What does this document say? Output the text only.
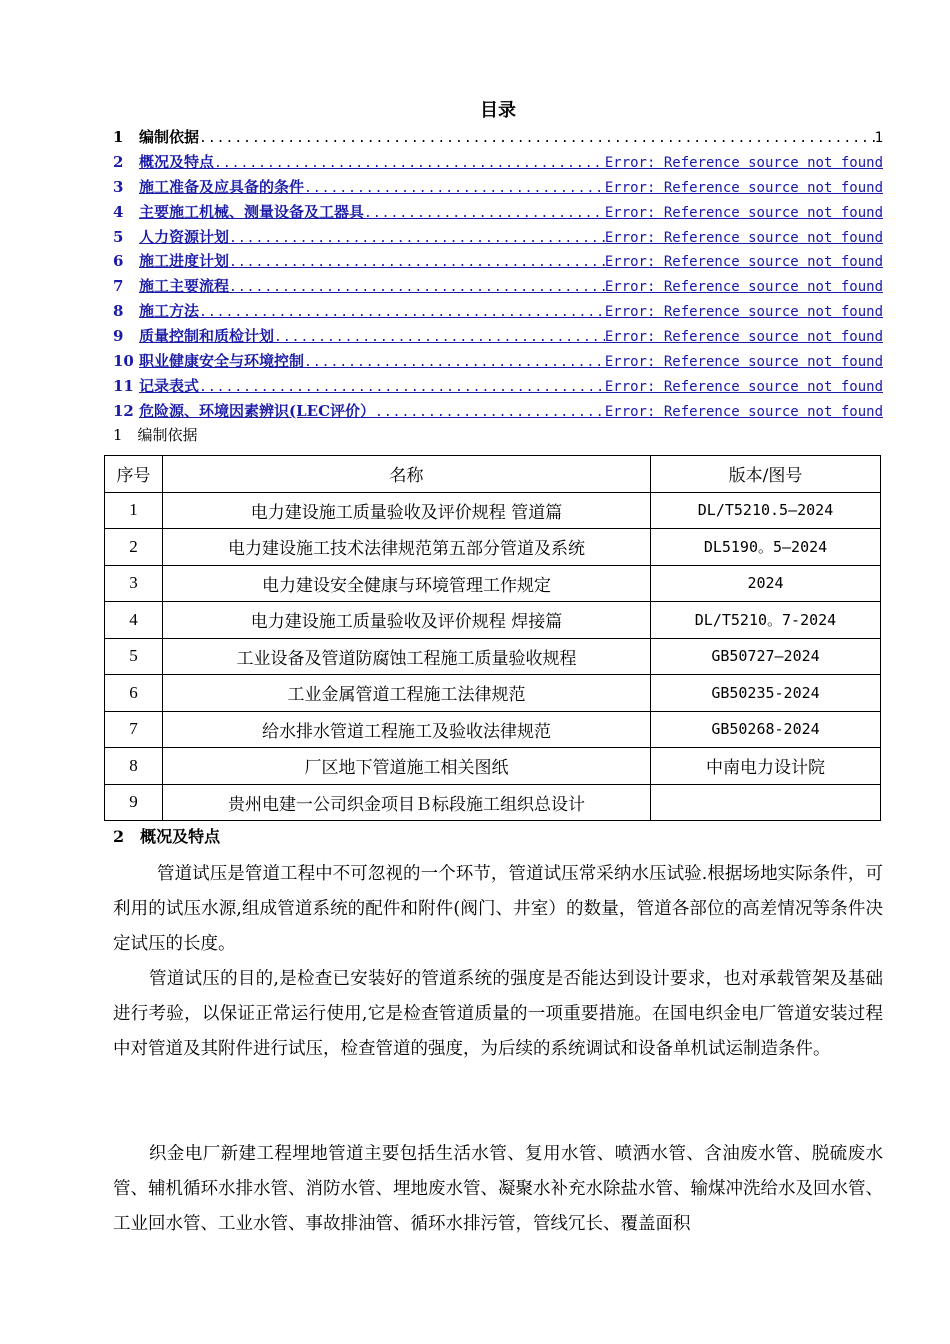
目录
1 编制依据 .....	1
2 概况及特点 .....	Error: Reference source not found
3 施工准备及应具备的条件 .....	Error: Reference source not found
4 主要施工机械、测量设备及工器具 .....	Error: Reference source not found
5 人力资源计划 .....	Error: Reference source not found
6 施工进度计划 .....	Error: Reference source not found
7 施工主要流程 .....	Error: Reference source not found
8 施工方法 .....	Error: Reference source not found
9 质量控制和质检计划 .....	Error: Reference source not found
10 职业健康安全与环境控制 .....	Error: Reference source not found
11 记录表式 .....	Error: Reference source not found
12 危险源、环境因素辨识(LEC评价） .....	Error: Reference source not found
1　编制依据
序号	名称	版本/图号
1	电力建设施工质量验收及评价规程 管道篇	DL/T5210.5—2024
2	电力建设施工技术法律规范第五部分管道及系统	DL5190。5—2024
3	电力建设安全健康与环境管理工作规定	2024
4	电力建设施工质量验收及评价规程 焊接篇	DL/T5210。7-2024
5	工业设备及管道防腐蚀工程施工质量验收规程	GB50727—2024
6	工业金属管道工程施工法律规范	GB50235-2024
7	给水排水管道工程施工及验收法律规范	GB50268-2024
8	厂区地下管道施工相关图纸	中南电力设计院
9	贵州电建一公司织金项目Ｂ标段施工组织总设计	
2　概况及特点

管道试压是管道工程中不可忽视的一个环节，管道试压常采纳水压试验.根据场地实际条件，可利用的试压水源,组成管道系统的配件和附件(阀门、井室）的数量，管道各部位的高差情况等条件决定试压的长度。

管道试压的目的,是检查已安装好的管道系统的强度是否能达到设计要求，也对承载管架及基础进行考验，以保证正常运行使用,它是检查管道质量的一项重要措施。在国电织金电厂管道安装过程中对管道及其附件进行试压，检查管道的强度，为后续的系统调试和设备单机试运制造条件。

织金电厂新建工程埋地管道主要包括生活水管、复用水管、喷洒水管、含油废水管、脱硫废水管、辅机循环水排水管、消防水管、埋地废水管、凝聚水补充水除盐水管、输煤冲洗给水及回水管、工业回水管、工业水管、事故排油管、循环水排污管，管线冗长、覆盖面积
